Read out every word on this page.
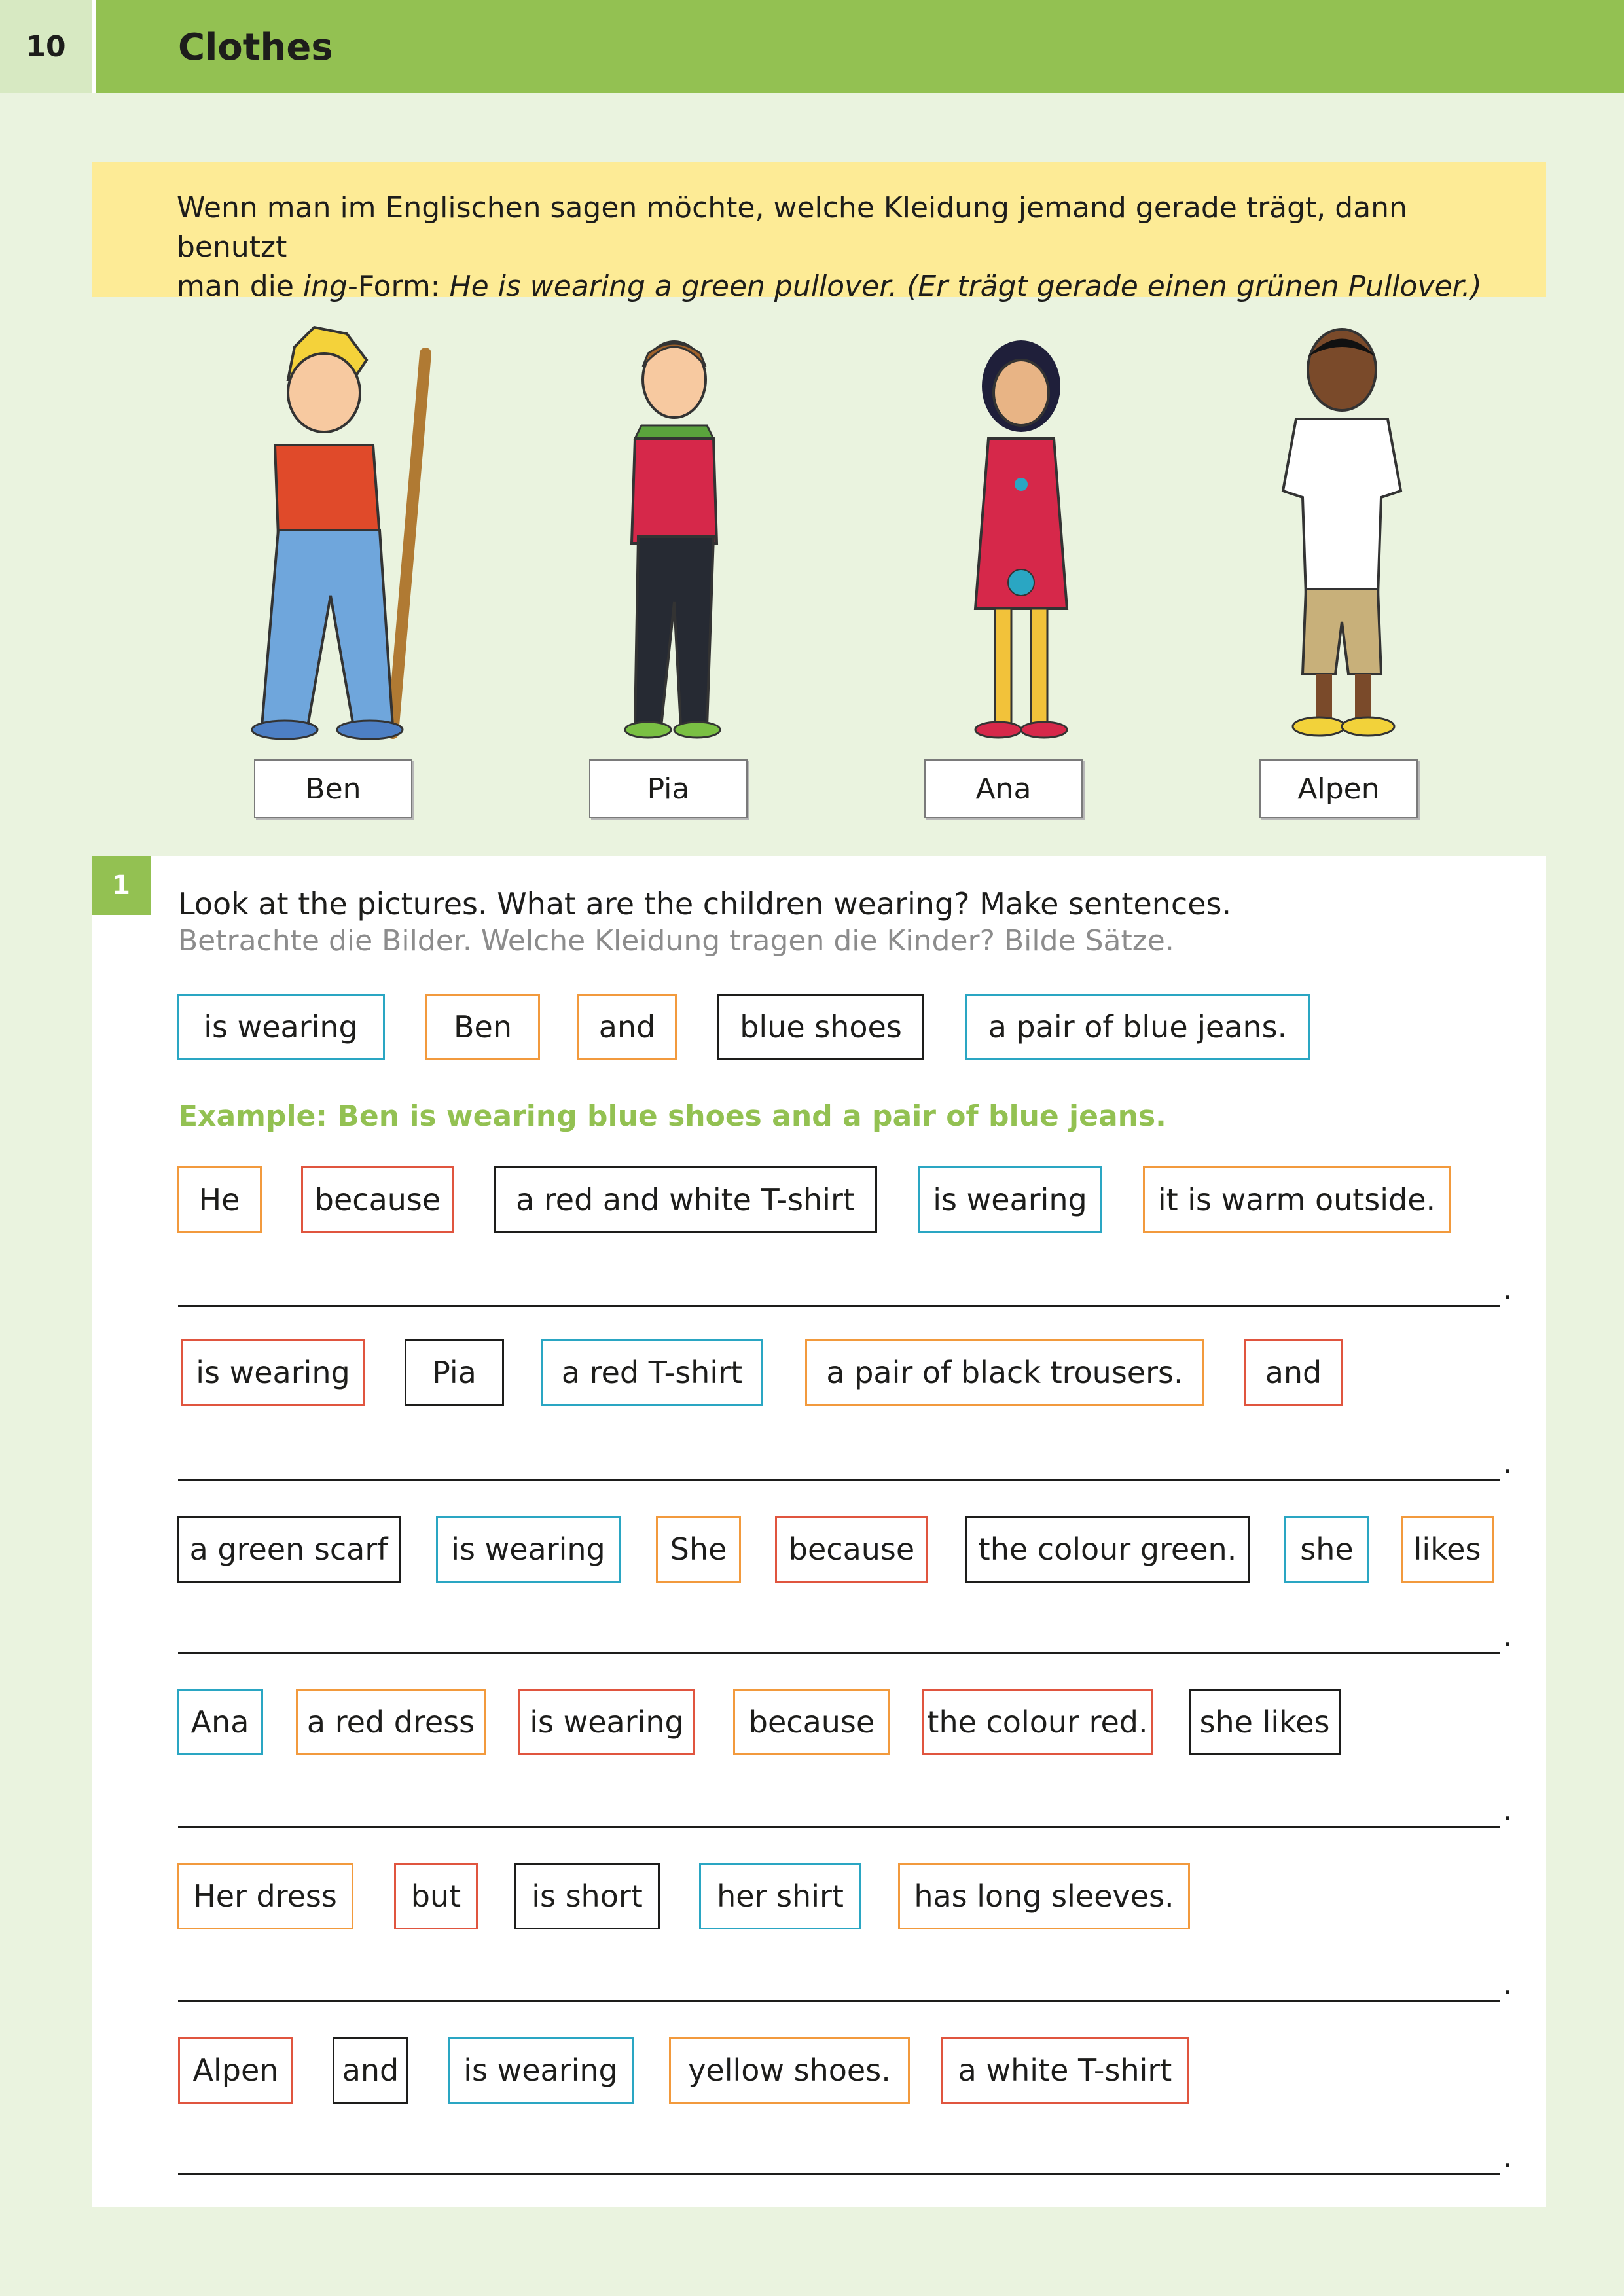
10	Clothes
Wenn man im Englischen sagen möchte, welche Kleidung jemand gerade trägt, dann benutzt
man die ing-Form: He is wearing a green pullover. (Er trägt gerade einen grünen Pullover.)
Ben	Pia	Ana	Alpen
1
Look at the pictures. What are the children wearing? Make sentences.
Betrachte die Bilder. Welche Kleidung tragen die Kinder? Bilde Sätze.
is wearing	Ben	and	blue shoes	a pair of blue jeans.
Example: Ben is wearing blue shoes and a pair of blue jeans.
He	because	a red and white T-shirt	is wearing	it is warm outside.
.
is wearing	Pia	a red T-shirt	a pair of black trousers.	and
.
a green scarf	is wearing	She	because	the colour green.	she	likes
.
Ana	a red dress	is wearing	because	the colour red.	she likes
.
Her dress	but	is short	her shirt	has long sleeves.
.
Alpen	and	is wearing	yellow shoes.	a white T-shirt
.
